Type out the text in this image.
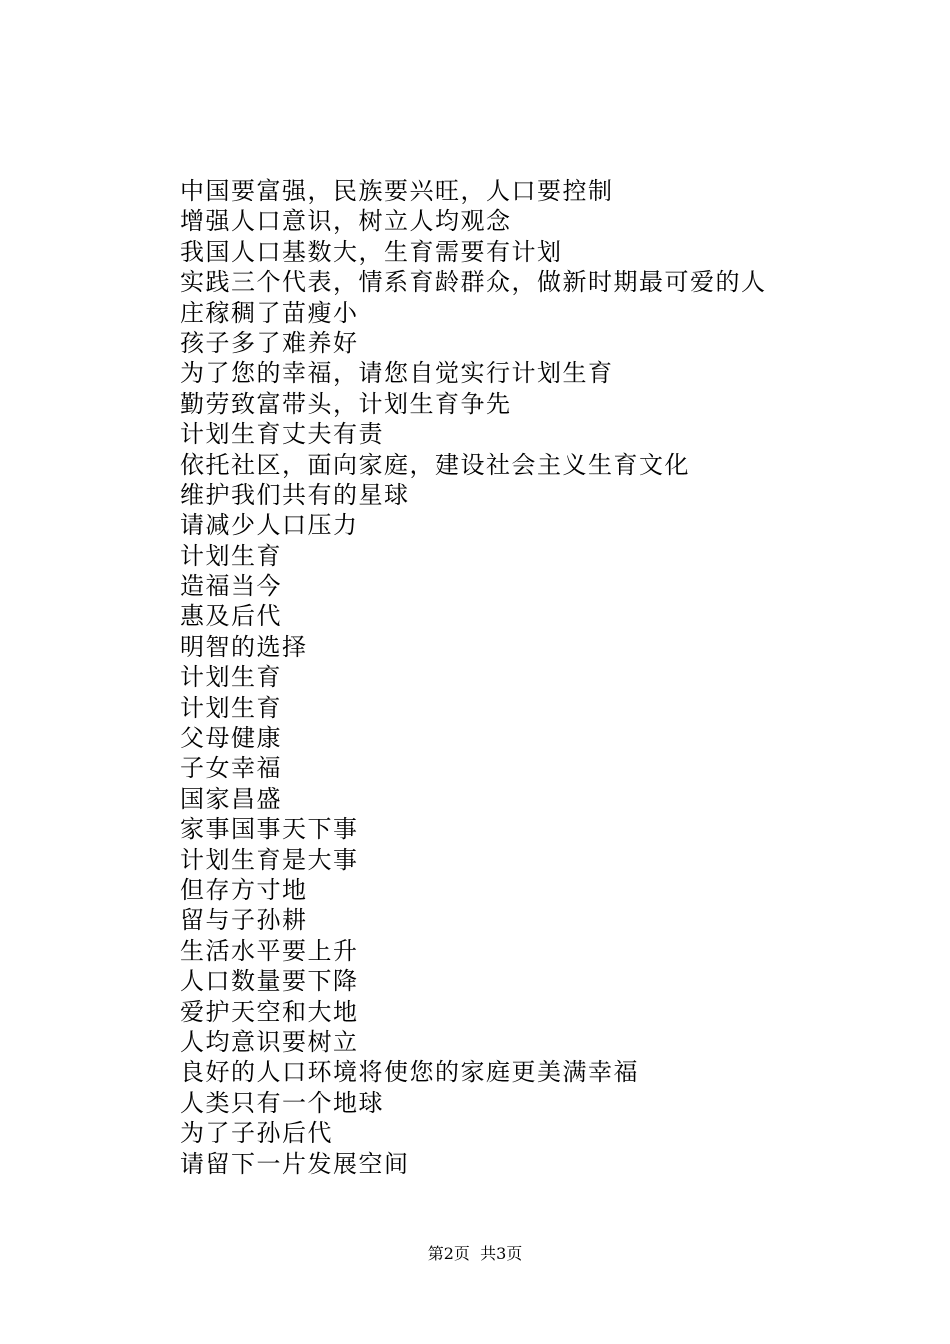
中国要富强，民族要兴旺，人口要控制
增强人口意识，树立人均观念
我国人口基数大，生育需要有计划
实践三个代表，情系育龄群众，做新时期最可爱的人
庄稼稠了苗瘦小
孩子多了难养好
为了您的幸福，请您自觉实行计划生育
勤劳致富带头，计划生育争先
计划生育丈夫有责
依托社区，面向家庭，建设社会主义生育文化
维护我们共有的星球
请减少人口压力
计划生育
造福当今
惠及后代
明智的选择
计划生育
计划生育
父母健康
子女幸福
国家昌盛
家事国事天下事
计划生育是大事
但存方寸地
留与子孙耕
生活水平要上升
人口数量要下降
爱护天空和大地
人均意识要树立
良好的人口环境将使您的家庭更美满幸福
人类只有一个地球
为了子孙后代
请留下一片发展空间
第2页  共3页
